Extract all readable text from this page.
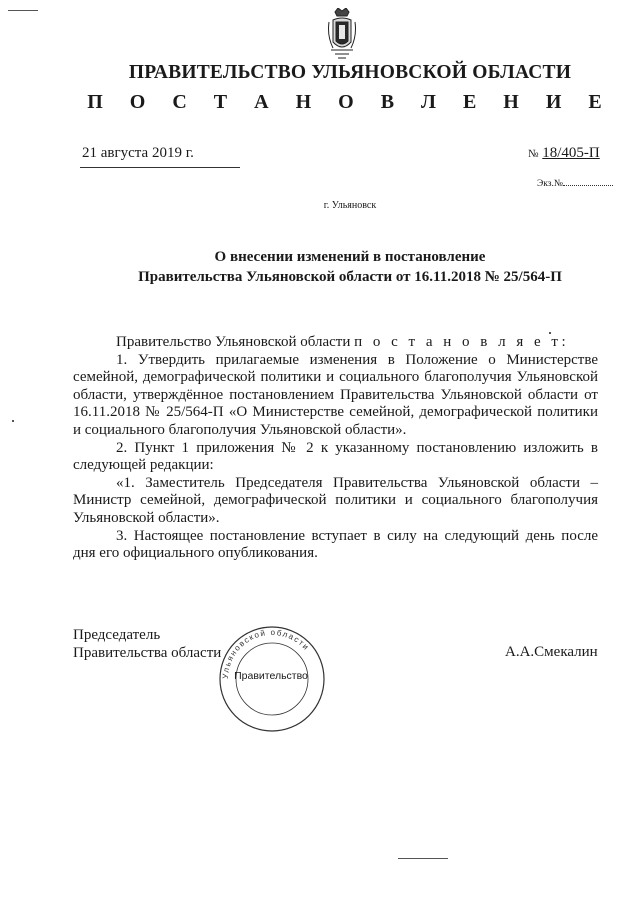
ПРАВИТЕЛЬСТВО УЛЬЯНОВСКОЙ ОБЛАСТИ
П О С Т А Н О В Л Е Н И Е
21 августа 2019 г.	№ 18/405-П
Экз.№
г. Ульяновск
О внесении изменений в постановление
Правительства Ульяновской области от 16.11.2018 № 25/564-П

Правительство Ульяновской области п о с т а н о в л я е т:

1. Утвердить прилагаемые изменения в Положение о Министерстве семейной, демографической политики и социального благополучия Ульяновской области, утверждённое постановлением Правительства Ульяновской области от 16.11.2018 № 25/564-П «О Министерстве семейной, демографической политики и социального благополучия Ульяновской области».

2. Пункт 1 приложения № 2 к указанному постановлению изложить в следующей редакции:

«1. Заместитель Председателя Правительства Ульяновской области – Министр семейной, демографической политики и социального благополучия Ульяновской области».

3. Настоящее постановление вступает в силу на следующий день после дня его официального опубликования.

Председатель
Правительства области
Ульяновской области
Правительство
А.А.Смекалин
